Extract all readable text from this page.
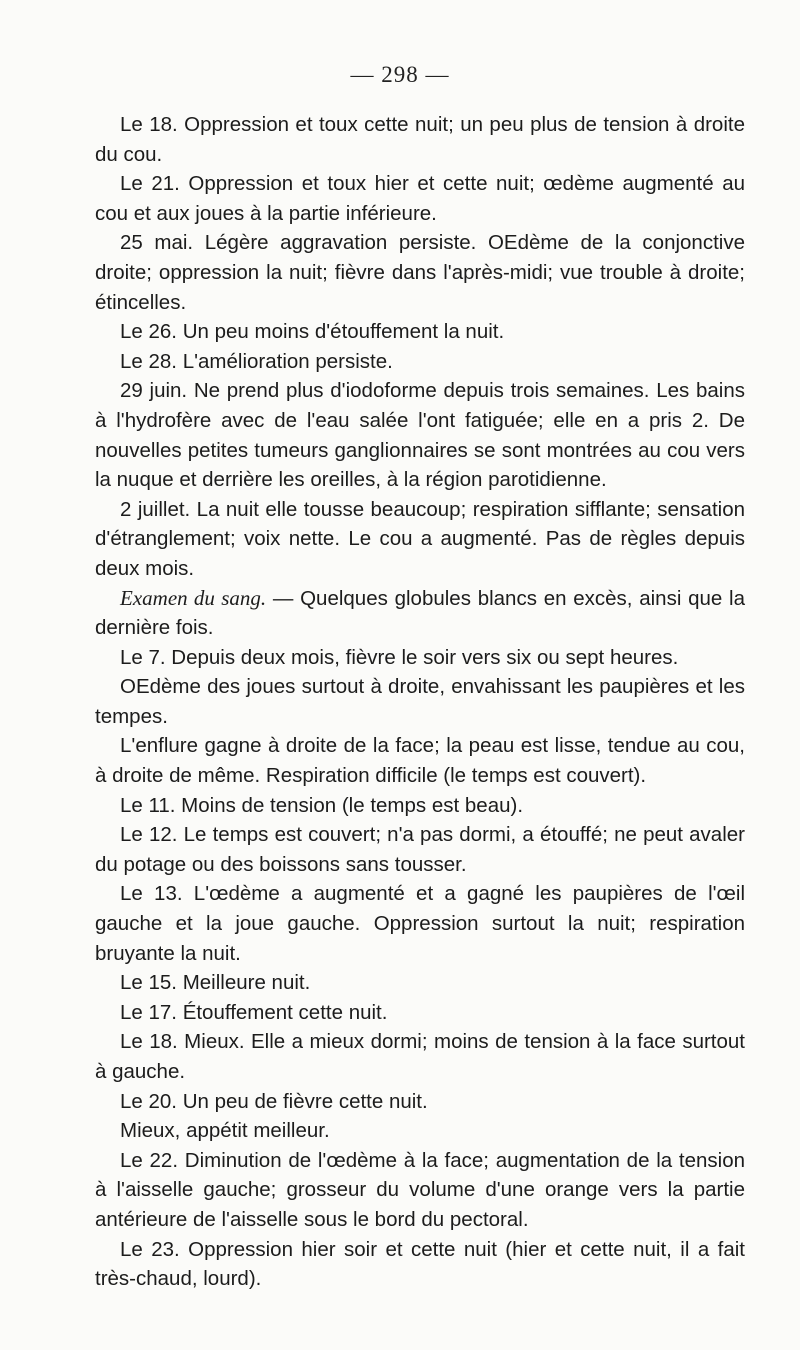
— 298 —

Le 18. Oppression et toux cette nuit; un peu plus de tension à droite du cou.

Le 21. Oppression et toux hier et cette nuit; œdème augmenté au cou et aux joues à la partie inférieure.

25 mai. Légère aggravation persiste. OEdème de la conjonctive droite; oppression la nuit; fièvre dans l'après-midi; vue trouble à droite; étincelles.

Le 26. Un peu moins d'étouffement la nuit.

Le 28. L'amélioration persiste.

29 juin. Ne prend plus d'iodoforme depuis trois semaines. Les bains à l'hydrofère avec de l'eau salée l'ont fatiguée; elle en a pris 2. De nouvelles petites tumeurs ganglionnaires se sont montrées au cou vers la nuque et derrière les oreilles, à la région parotidienne.

2 juillet. La nuit elle tousse beaucoup; respiration sifflante; sensation d'étranglement; voix nette. Le cou a augmenté. Pas de règles depuis deux mois.

Examen du sang. — Quelques globules blancs en excès, ainsi que la dernière fois.

Le 7. Depuis deux mois, fièvre le soir vers six ou sept heures.

OEdème des joues surtout à droite, envahissant les paupières et les tempes.

L'enflure gagne à droite de la face; la peau est lisse, tendue au cou, à droite de même. Respiration difficile (le temps est couvert).

Le 11. Moins de tension (le temps est beau).

Le 12. Le temps est couvert; n'a pas dormi, a étouffé; ne peut avaler du potage ou des boissons sans tousser.

Le 13. L'œdème a augmenté et a gagné les paupières de l'œil gauche et la joue gauche. Oppression surtout la nuit; respiration bruyante la nuit.

Le 15. Meilleure nuit.

Le 17. Étouffement cette nuit.

Le 18. Mieux. Elle a mieux dormi; moins de tension à la face surtout à gauche.

Le 20. Un peu de fièvre cette nuit.

Mieux, appétit meilleur.

Le 22. Diminution de l'œdème à la face; augmentation de la tension à l'aisselle gauche; grosseur du volume d'une orange vers la partie antérieure de l'aisselle sous le bord du pectoral.

Le 23. Oppression hier soir et cette nuit (hier et cette nuit, il a fait très-chaud, lourd).
